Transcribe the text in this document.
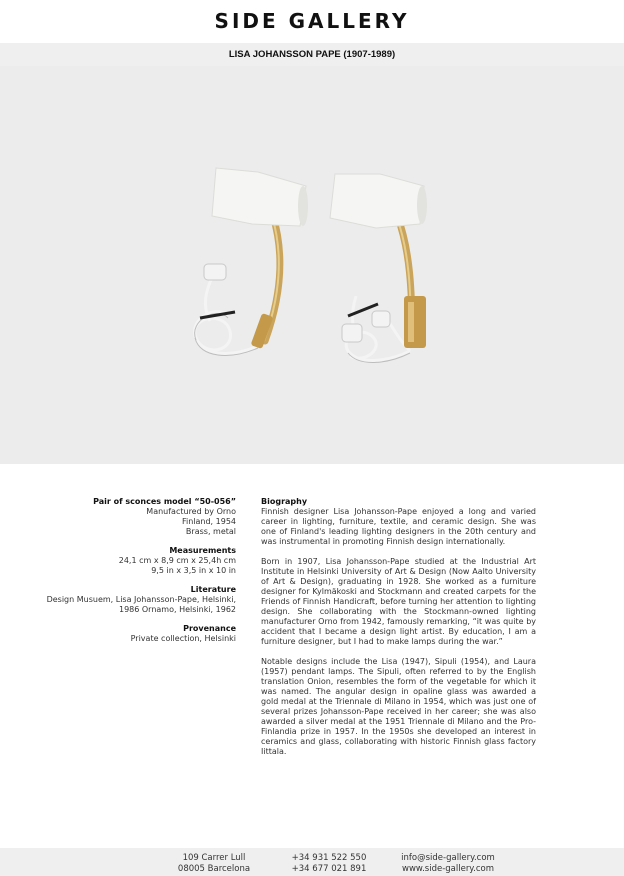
SIDE GALLERY
LISA JOHANSSON PAPE (1907-1989)
Pair of sconces model “50-056”
Manufactured by Orno
Finland, 1954
Brass, metal
Measurements
24,1 cm x 8,9 cm x 25,4h cm
9,5 in x 3,5 in x 10 in
Literature
Design Musuem, Lisa Johansson-Pape, Helsinki,
1986 Ornamo, Helsinki, 1962
Provenance
Private collection, Helsinki
Biography

Finnish designer Lisa Johansson-Pape enjoyed a long and varied career in lighting, furniture, textile, and ceramic design. She was one of Finland's leading lighting designers in the 20th century and was instrumental in promoting Finnish design internationally.

Born in 1907, Lisa Johansson-Pape studied at the Industrial Art Institute in Helsinki University of Art & Design (Now Aalto University of Art & Design), graduating in 1928. She worked as a furniture designer for Kylmäkoski and Stockmann and created carpets for the Friends of Finnish Handicraft, before turning her attention to lighting design. She collaborating with the Stockmann-owned lighting manufacturer Orno from 1942, famously remarking, “it was quite by accident that I became a design light artist. By education, I am a furniture designer, but I had to make lamps during the war.”

Notable designs include the Lisa (1947), Sipuli (1954), and Laura (1957) pendant lamps. The Sipuli, often referred to by the English translation Onion, resembles the form of the vegetable for which it was named. The angular design in opaline glass was awarded a gold medal at the Triennale di Milano in 1954, which was just one of several prizes Johansson-Pape received in her career; she was also awarded a silver medal at the 1951 Triennale di Milano and the Pro-Finlandia prize in 1957. In the 1950s she developed an interest in ceramics and glass, collaborating with historic Finnish glass factory Iittala.

109 Carrer Lull
08005 Barcelona
+34 931 522 550
+34 677 021 891
info@side-gallery.com
www.side-gallery.com
